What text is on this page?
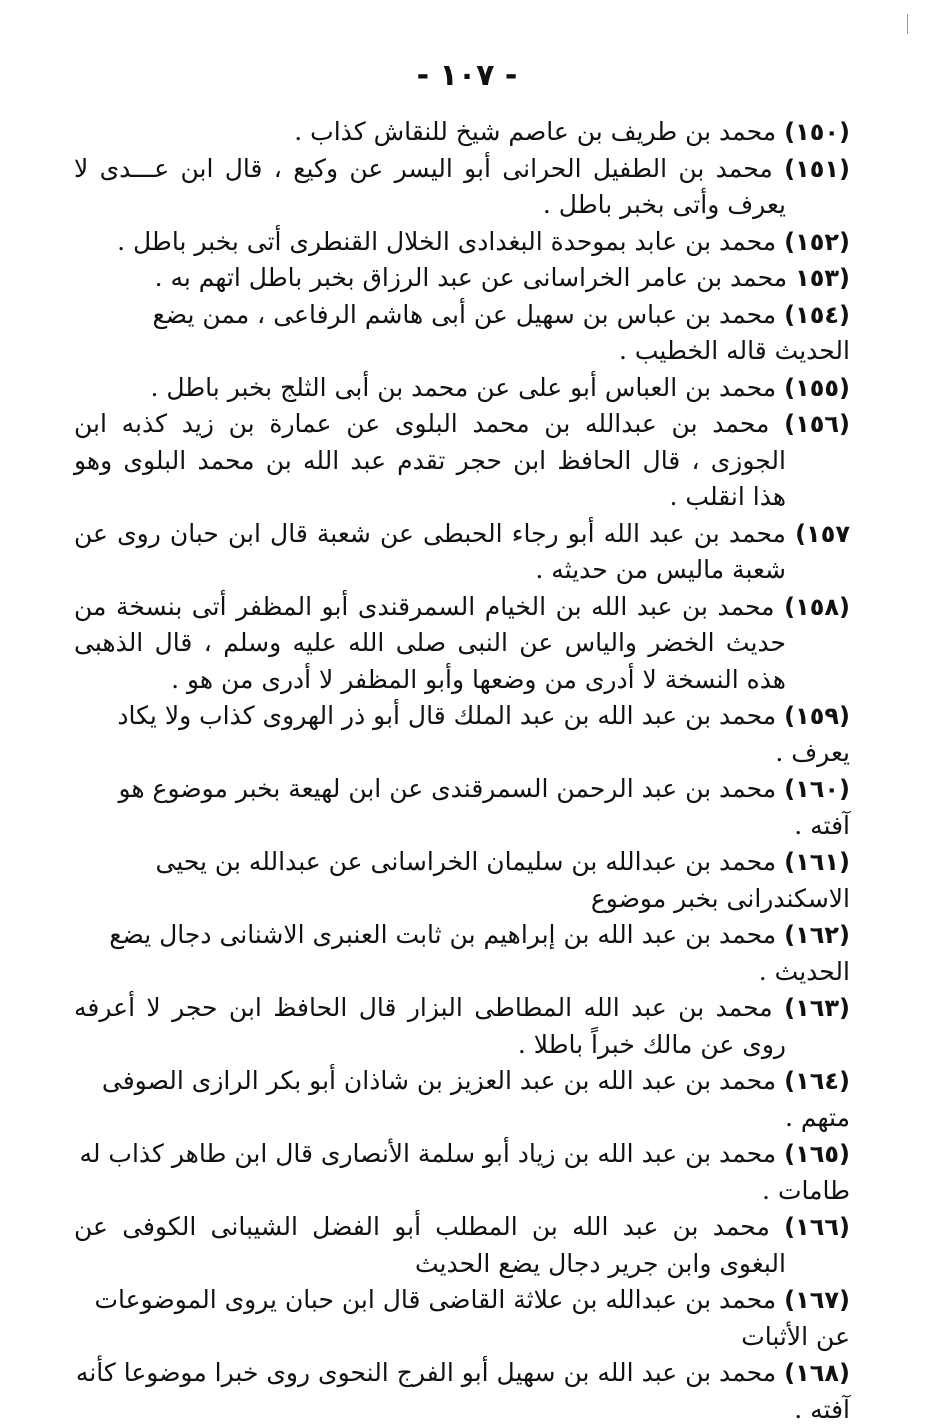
- ١٠٧ -
(١٥٠) محمد بن طريف بن عاصم شيخ للنقاش كذاب .
(١٥١) محمد بن الطفيل الحرانى أبو اليسر عن وكيع ، قال ابن عـــدى لا يعرف وأتى بخبر باطل .
(١٥٢) محمد بن عابد بموحدة البغدادى الخلال القنطرى أتى بخبر باطل .
(١٥٣ محمد بن عامر الخراسانى عن عبد الرزاق بخبر باطل اتهم به .
(١٥٤) محمد بن عباس بن سهيل عن أبى هاشم الرفاعى ، ممن يضع الحديث قاله الخطيب .
(١٥٥) محمد بن العباس أبو على عن محمد بن أبى الثلج بخبر باطل .
(١٥٦) محمد بن عبدالله بن محمد البلوى عن عمارة بن زيد كذبه ابن الجوزى ، قال الحافظ ابن حجر تقدم عبد الله بن محمد البلوى وهو هذا انقلب .
١٥٧) محمد بن عبد الله أبو رجاء الحبطى عن شعبة قال ابن حبان روى عن شعبة ماليس من حديثه .
(١٥٨) محمد بن عبد الله بن الخيام السمرقندى أبو المظفر أتى بنسخة من حديث الخضر والياس عن النبى صلى الله عليه وسلم ، قال الذهبى هذه النسخة لا أدرى من وضعها وأبو المظفر لا أدرى من هو .
(١٥٩) محمد بن عبد الله بن عبد الملك قال أبو ذر الهروى كذاب ولا يكاد يعرف .
(١٦٠) محمد بن عبد الرحمن السمرقندى عن ابن لهيعة بخبر موضوع هو آفته .
(١٦١) محمد بن عبدالله بن سليمان الخراسانى عن عبدالله بن يحيى الاسكندرانى بخبر موضوع
(١٦٢) محمد بن عبد الله بن إبراهيم بن ثابت العنبرى الاشنانى دجال يضع الحديث .
(١٦٣) محمد بن عبد الله المطاطى البزار قال الحافظ ابن حجر لا أعرفه روى عن مالك خبراً باطلا .
(١٦٤) محمد بن عبد الله بن عبد العزيز بن شاذان أبو بكر الرازى الصوفى متهم .
(١٦٥) محمد بن عبد الله بن زياد أبو سلمة الأنصارى قال ابن طاهر كذاب له طامات .
(١٦٦) محمد بن عبد الله بن المطلب أبو الفضل الشيبانى الكوفى عن البغوى وابن جرير دجال يضع الحديث
(١٦٧) محمد بن عبدالله بن علاثة القاضى قال ابن حبان يروى الموضوعات عن الأثبات
(١٦٨) محمد بن عبد الله بن سهيل أبو الفرج النحوى روى خبرا موضوعا كأنه آفته .
